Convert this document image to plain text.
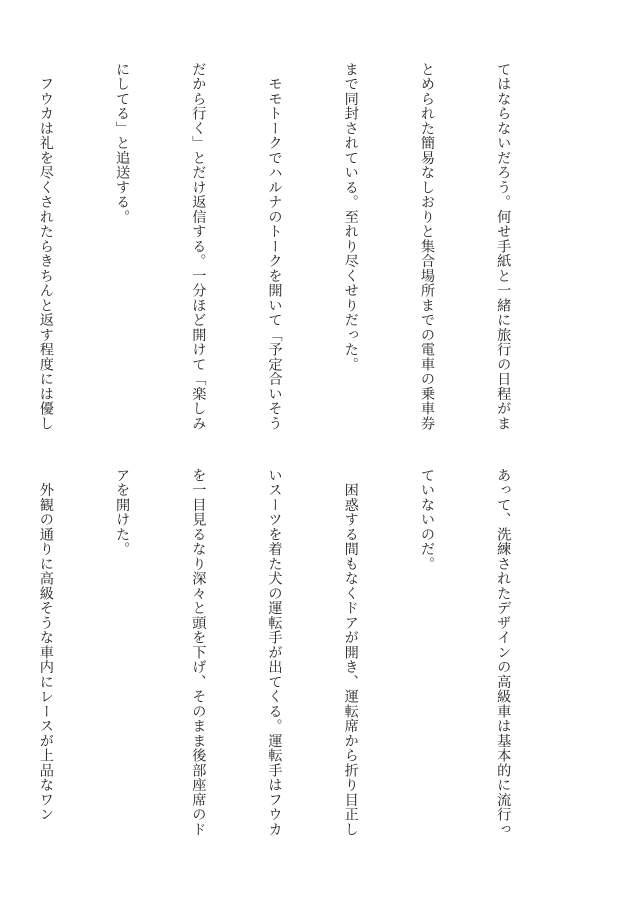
てはならないだろう。何せ手紙と一緒に旅行の日程がま

とめられた簡易なしおりと集合場所までの電車の乗車券

まで同封されている。至れり尽くせりだった。

　モモトークでハルナのトークを開いて「予定合いそう

だから行く」とだけ返信する。一分ほど開けて「楽しみ

にしてる」と追送する。

　フウカは礼を尽くされたらきちんと返す程度には優し

あって、洗練されたデザインの高級車は基本的に流行っ

ていないのだ。

　困惑する間もなくドアが開き、運転席から折り目正し

いスーツを着た犬の運転手が出てくる。運転手はフウカ

を一目見るなり深々と頭を下げ、そのまま後部座席のド

アを開けた。

　外観の通りに高級そうな車内にレースが上品なワン
